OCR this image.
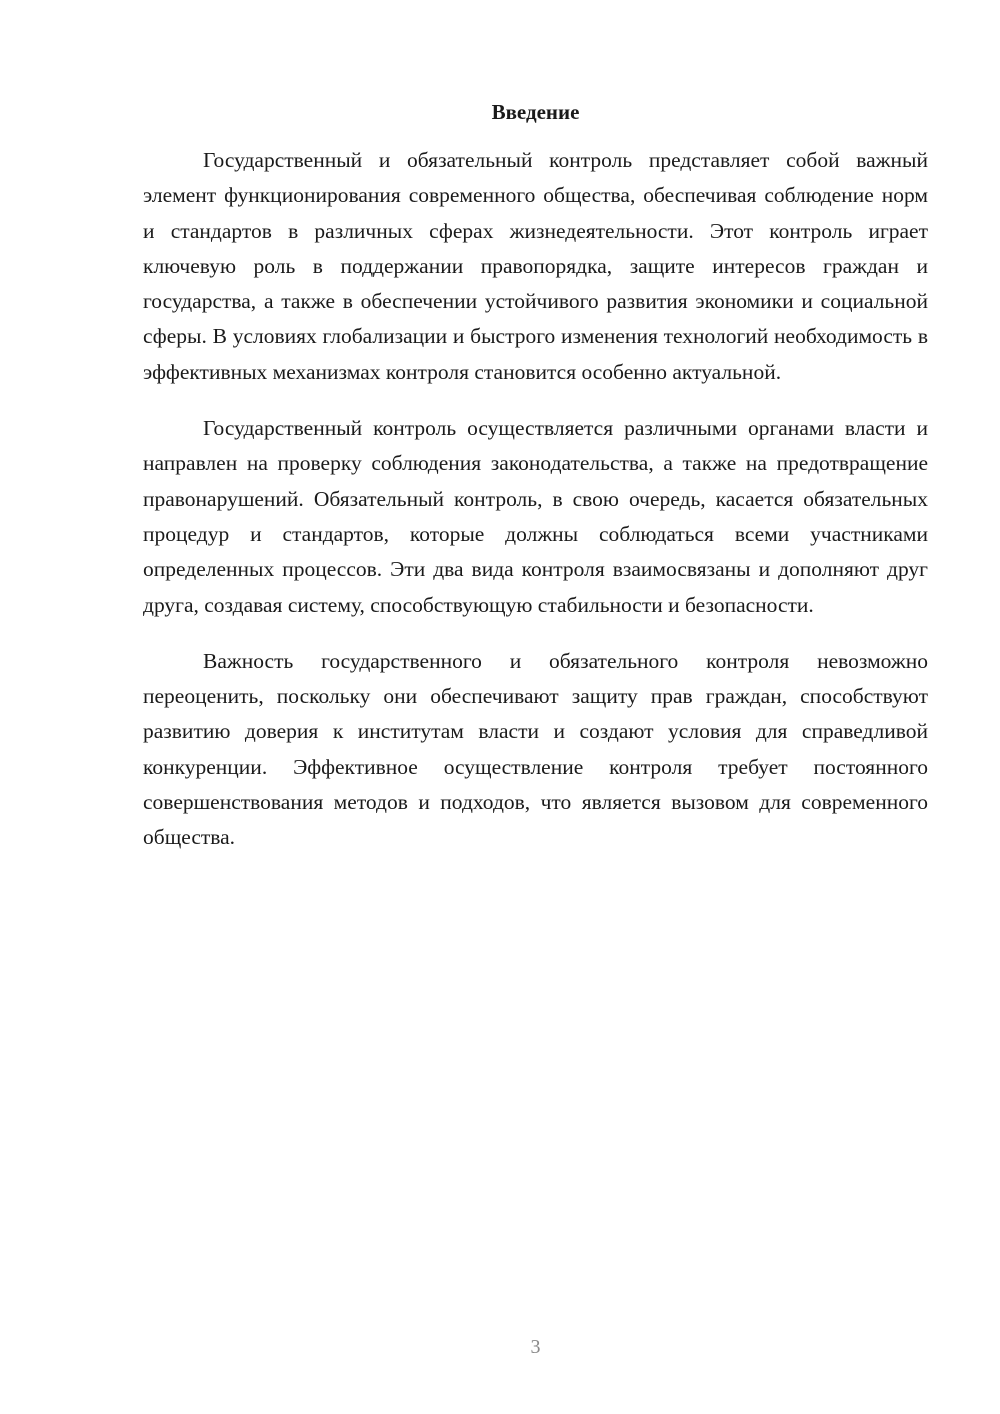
Введение

Государственный и обязательный контроль представляет собой важный элемент функционирования современного общества, обеспечивая соблюдение норм и стандартов в различных сферах жизнедеятельности. Этот контроль играет ключевую роль в поддержании правопорядка, защите интересов граждан и государства, а также в обеспечении устойчивого развития экономики и социальной сферы. В условиях глобализации и быстрого изменения технологий необходимость в эффективных механизмах контроля становится особенно актуальной.

Государственный контроль осуществляется различными органами власти и направлен на проверку соблюдения законодательства, а также на предотвращение правонарушений. Обязательный контроль, в свою очередь, касается обязательных процедур и стандартов, которые должны соблюдаться всеми участниками определенных процессов. Эти два вида контроля взаимосвязаны и дополняют друг друга, создавая систему, способствующую стабильности и безопасности.

Важность государственного и обязательного контроля невозможно переоценить, поскольку они обеспечивают защиту прав граждан, способствуют развитию доверия к институтам власти и создают условия для справедливой конкуренции. Эффективное осуществление контроля требует постоянного совершенствования методов и подходов, что является вызовом для современного общества.

3
